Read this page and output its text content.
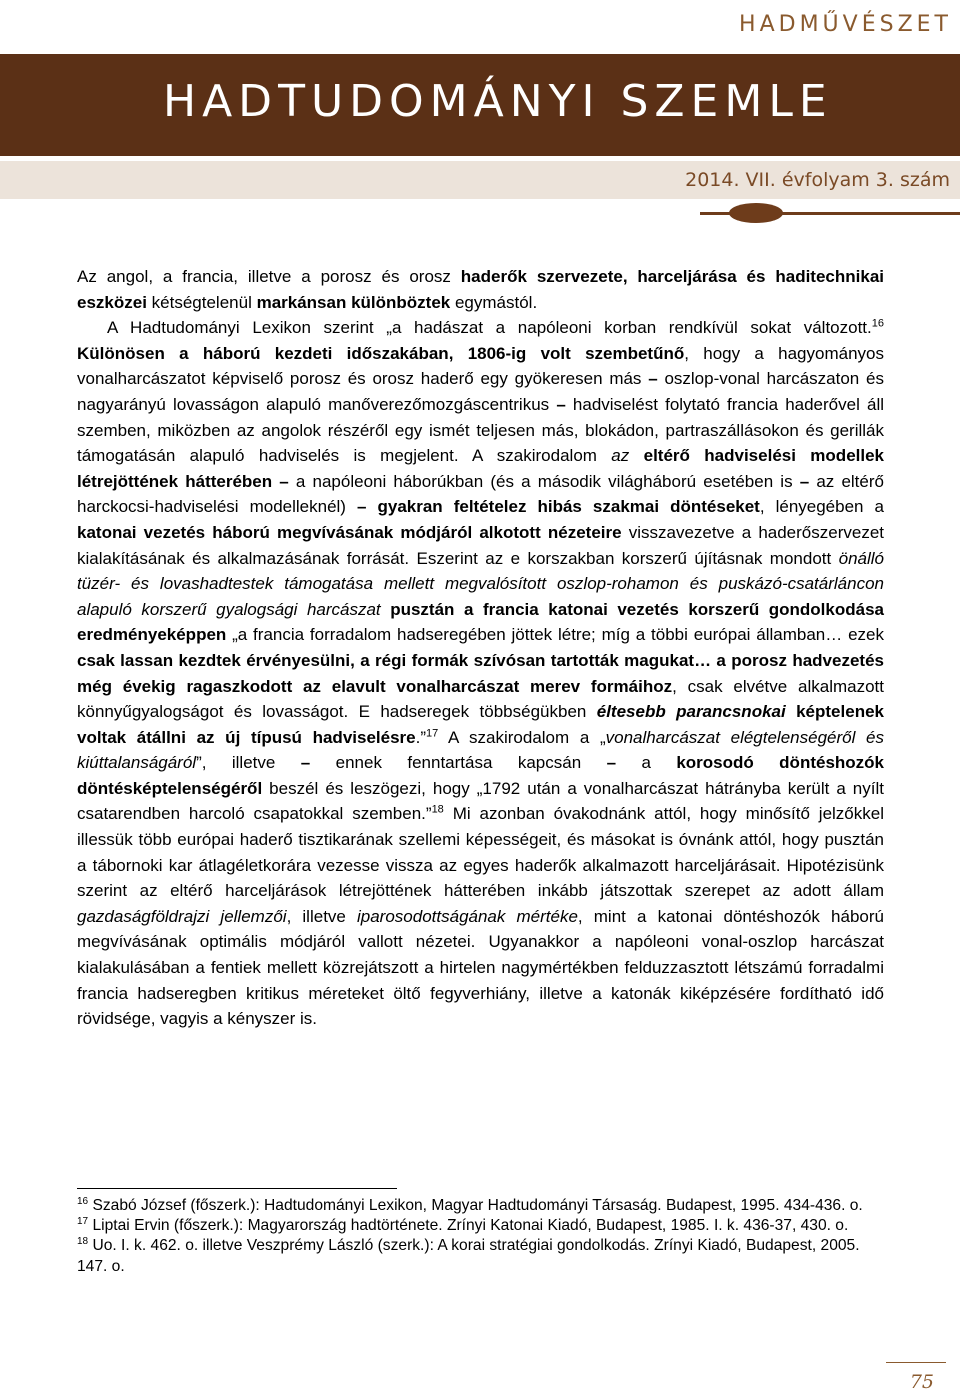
HADMŰVÉSZET
HADTUDOMÁNYI SZEMLE
2014. VII. évfolyam 3. szám

Az angol, a francia, illetve a porosz és orosz haderők szervezete, harceljárása és haditechnikai eszközei kétségtelenül markánsan különböztek egymástól.

A Hadtudományi Lexikon szerint „a hadászat a napóleoni korban rendkívül sokat változott.$^{16}$ Különösen a háború kezdeti időszakában, 1806-ig volt szembetűnő, hogy a hagyományos vonalharcászatot képviselő porosz és orosz haderő egy gyökeresen más – oszlop-vonal harcászaton és nagyarányú lovasságon alapuló manőverezőmozgáscentrikus – hadviselést folytató francia haderővel áll szemben, miközben az angolok részéről egy ismét teljesen más, blokádon, partraszállásokon és gerillák támogatásán alapuló hadviselés is megjelent. A szakirodalom az eltérő hadviselési modellek létrejöttének hátterében – a napóleoni háborúkban (és a második világháború esetében is – az eltérő harckocsi-hadviselési modelleknél) – gyakran feltételez hibás szakmai döntéseket, lényegében a katonai vezetés háború megvívásának módjáról alkotott nézeteire visszavezetve a haderőszervezet kialakításának és alkalmazásának forrását. Eszerint az e korszakban korszerű újításnak mondott önálló tüzér- és lovashadtestek támogatása mellett megvalósított oszlop-rohamon és puskázó-csatárláncon alapuló korszerű gyalogsági harcászat pusztán a francia katonai vezetés korszerű gondolkodása eredményeképpen „a francia forradalom hadseregében jöttek létre; míg a többi európai államban… ezek csak lassan kezdtek érvényesülni, a régi formák szívósan tartották magukat… a porosz hadvezetés még évekig ragaszkodott az elavult vonalharcászat merev formáihoz, csak elvétve alkalmazott könnyűgyalogságot és lovasságot. E hadseregek többségükben éltesebb parancsnokai képtelenek voltak átállni az új típusú hadviselésre.”$^{17}$ A szakirodalom a „vonalharcászat elégtelenségéről és kiúttalanságáról”, illetve – ennek fenntartása kapcsán – a korosodó döntéshozók döntésképtelenségéről beszél és leszögezi, hogy „1792 után a vonalharcászat hátrányba került a nyílt csatarendben harcoló csapatokkal szemben.”$^{18}$ Mi azonban óvakodnánk attól, hogy minősítő jelzőkkel illessük több európai haderő tisztikarának szellemi képességeit, és másokat is óvnánk attól, hogy pusztán a tábornoki kar átlagéletkorára vezesse vissza az egyes haderők alkalmazott harceljárásait. Hipotézisünk szerint az eltérő harceljárások létrejöttének hátterében inkább játszottak szerepet az adott állam gazdaságföldrajzi jellemzői, illetve iparosodottságának mértéke, mint a katonai döntéshozók háború megvívásának optimális módjáról vallott nézetei. Ugyanakkor a napóleoni vonal-oszlop harcászat kialakulásában a fentiek mellett közrejátszott a hirtelen nagymértékben felduzzasztott létszámú forradalmi francia hadseregben kritikus méreteket öltő fegyverhiány, illetve a katonák kiképzésére fordítható idő rövidsége, vagyis a kényszer is.

$^{16}$ Szabó József (főszerk.): Hadtudományi Lexikon, Magyar Hadtudományi Társaság. Budapest, 1995. 434-436. o.

$^{17}$ Liptai Ervin (főszerk.): Magyarország hadtörténete. Zrínyi Katonai Kiadó, Budapest, 1985. I. k. 436-37, 430. o.

$^{18}$ Uo. I. k. 462. o. illetve Veszprémy László (szerk.): A korai stratégiai gondolkodás. Zrínyi Kiadó, Budapest, 2005. 147. o.

75
